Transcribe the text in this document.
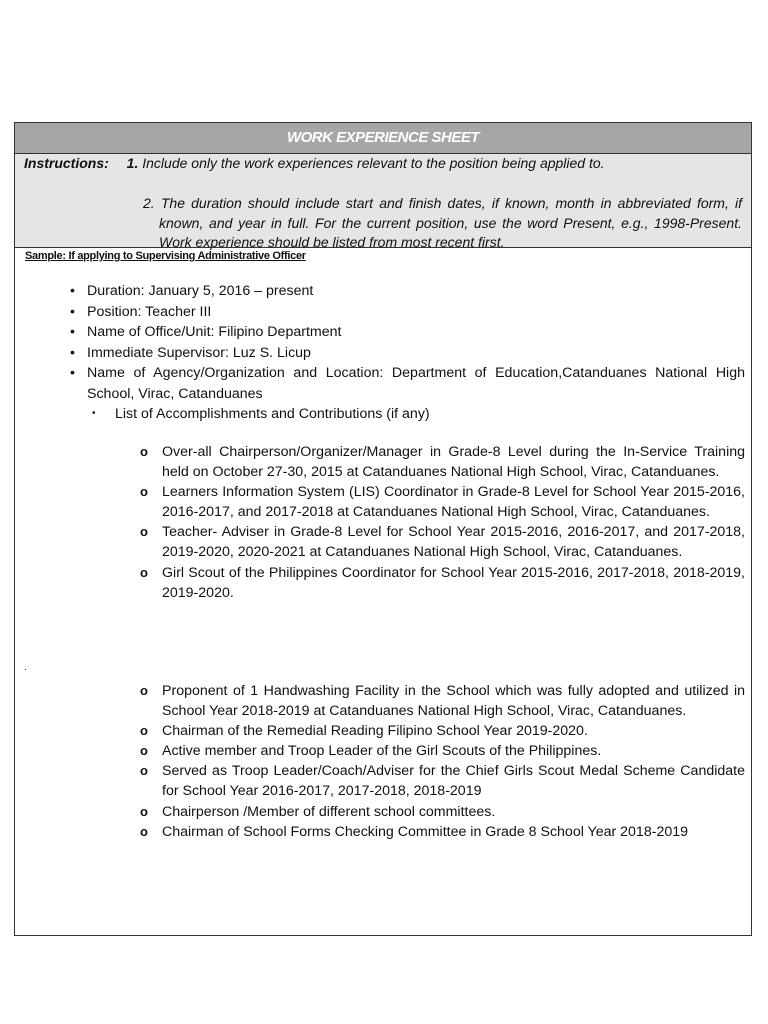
WORK EXPERIENCE SHEET
Instructions: 1. Include only the work experiences relevant to the position being applied to.
2. The duration should include start and finish dates, if known, month in abbreviated form, if known, and year in full. For the current position, use the word Present, e.g., 1998-Present. Work experience should be listed from most recent first.
Sample: If applying to Supervising Administrative Officer
• Duration: January 5, 2016 – present
• Position: Teacher III
• Name of Office/Unit: Filipino Department
• Immediate Supervisor: Luz S. Licup
• Name of Agency/Organization and Location: Department of Education,Catanduanes National High School, Virac, Catanduanes
• List of Accomplishments and Contributions (if any)
o Over-all Chairperson/Organizer/Manager in Grade-8 Level during the In-Service Training held on October 27-30, 2015 at Catanduanes National High School, Virac, Catanduanes.
o Learners Information System (LIS) Coordinator in Grade-8 Level for School Year 2015-2016, 2016-2017, and 2017-2018 at Catanduanes National High School, Virac, Catanduanes.
o Teacher- Adviser in Grade-8 Level for School Year 2015-2016, 2016-2017, and 2017-2018, 2019-2020, 2020-2021 at Catanduanes National High School, Virac, Catanduanes.
o Girl Scout of the Philippines Coordinator for School Year 2015-2016, 2017-2018, 2018-2019, 2019-2020.
.
o Proponent of 1 Handwashing Facility in the School which was fully adopted and utilized in School Year 2018-2019 at Catanduanes National High School, Virac, Catanduanes.
o Chairman of the Remedial Reading Filipino School Year 2019-2020.
o Active member and Troop Leader of the Girl Scouts of the Philippines.
o Served as Troop Leader/Coach/Adviser for the Chief Girls Scout Medal Scheme Candidate for School Year 2016-2017, 2017-2018, 2018-2019
o Chairperson /Member of different school committees.
o Chairman of School Forms Checking Committee in Grade 8 School Year 2018-2019
